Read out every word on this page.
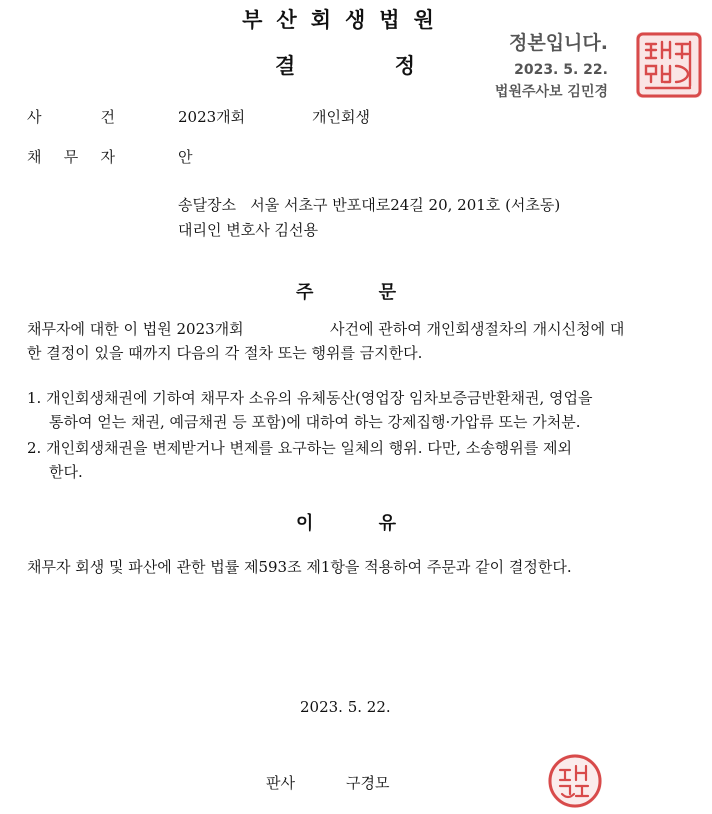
부산회생법원
결	정
정본입니다.
2023. 5. 22.
법원주사보 김민경
사	건	2023개회	개인회생
채 무 자	안
송달장소   서울 서초구 반포대로24길 20, 201호 (서초동)
대리인 변호사 김선용
주	문
채무자에 대한 이 법원 2023개회	사건에 관하여 개인회생절차의 개시신청에 대
한 결정이 있을 때까지 다음의 각 절차 또는 행위를 금지한다.
1. 개인회생채권에 기하여 채무자 소유의 유체동산(영업장 임차보증금반환채권, 영업을
통하여 얻는 채권, 예금채권 등 포함)에 대하여 하는 강제집행·가압류 또는 가처분.
2. 개인회생채권을 변제받거나 변제를 요구하는 일체의 행위. 다만, 소송행위를 제외
한다.
이	유
채무자 회생 및 파산에 관한 법률 제593조 제1항을 적용하여 주문과 같이 결정한다.
2023. 5. 22.
판사	구경모
